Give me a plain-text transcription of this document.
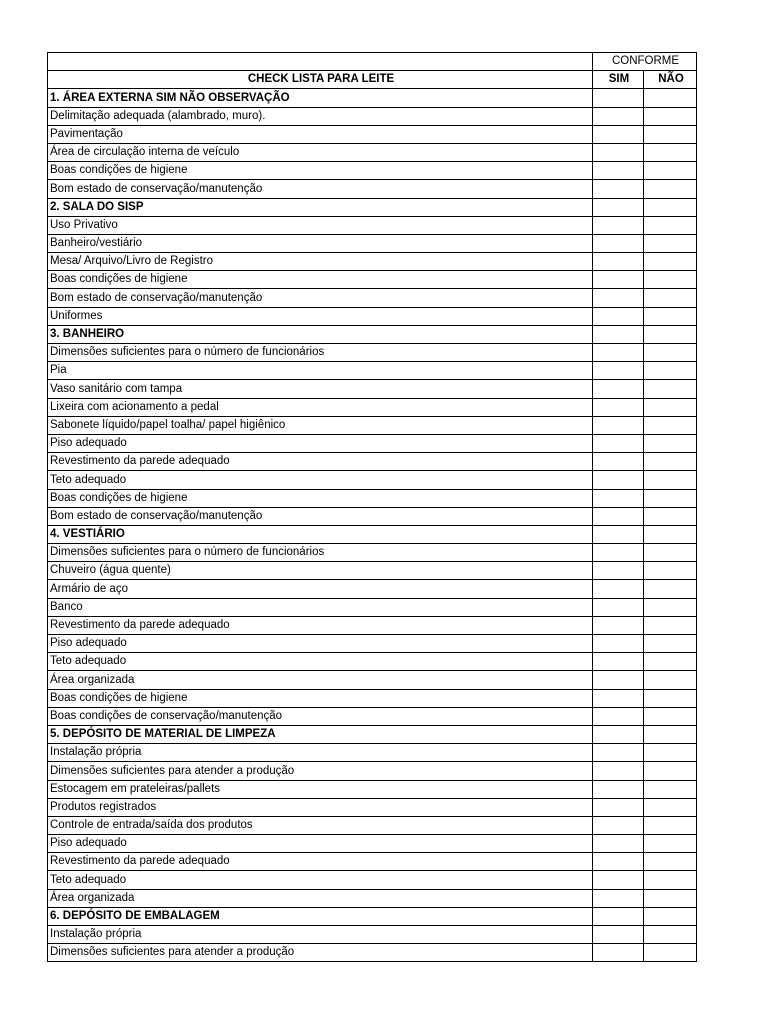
	CONFORME	
CHECK LISTA PARA LEITE	SIM	NÃO
1. ÁREA EXTERNA SIM NÃO OBSERVAÇÃO		
Delimitação adequada (alambrado, muro).		
Pavimentação		
Área de circulação interna de veículo		
Boas condições de higiene		
Bom estado de conservação/manutenção		
2. SALA DO SISP		
Uso Privativo		
Banheiro/vestiário		
Mesa/ Arquivo/Livro de Registro		
Boas condições de higiene		
Bom estado de conservação/manutenção		
Uniformes		
3. BANHEIRO		
Dimensões suficientes para o número de funcionários		
Pia		
Vaso sanitário com tampa		
Lixeira com acionamento a pedal		
Sabonete líquido/papel toalha/ papel higiênico		
Piso adequado		
Revestimento da parede adequado		
Teto adequado		
Boas condições de higiene		
Bom estado de conservação/manutenção		
4. VESTIÁRIO		
Dimensões suficientes para o número de funcionários		
Chuveiro (água quente)		
Armário de aço		
Banco		
Revestimento da parede adequado		
Piso adequado		
Teto adequado		
Área organizada		
Boas condições de higiene		
Boas condições de conservação/manutenção		
5. DEPÓSITO DE MATERIAL DE LIMPEZA		
Instalação própria		
Dimensões suficientes para atender a produção		
Estocagem em prateleiras/pallets		
Produtos registrados		
Controle de entrada/saída dos produtos		
Piso adequado		
Revestimento da parede adequado		
Teto adequado		
Área organizada		
6. DEPÓSITO DE EMBALAGEM		
Instalação própria		
Dimensões suficientes para atender a produção		
